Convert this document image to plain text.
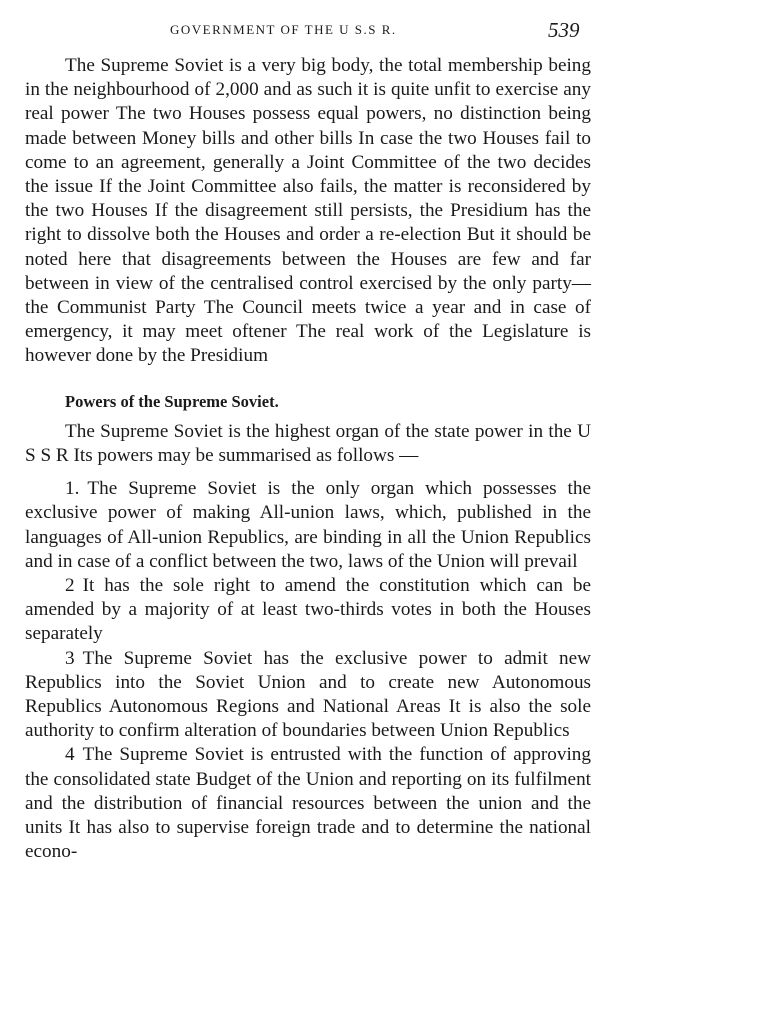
GOVERNMENT OF THE U S.S R.	539

The Supreme Soviet is a very big body, the total membership being in the neighbourhood of 2,000 and as such it is quite unfit to exercise any real power The two Houses possess equal powers, no distinction being made between Money bills and other bills In case the two Houses fail to come to an agreement, generally a Joint Committee of the two decides the issue If the Joint Committee also fails, the matter is reconsidered by the two Houses If the disagreement still persists, the Presidium has the right to dissolve both the Houses and order a re-election But it should be noted here that disagreements between the Houses are few and far between in view of the centralised control exercised by the only party—the Communist Party The Council meets twice a year and in case of emergency, it may meet oftener The real work of the Legislature is however done by the Presidium

Powers of the Supreme Soviet.

The Supreme Soviet is the highest organ of the state power in the U S S R Its powers may be summarised as follows —

1. The Supreme Soviet is the only organ which possesses the exclusive power of making All-union laws, which, published in the languages of All-union Republics, are binding in all the Union Republics and in case of a conflict between the two, laws of the Union will prevail

2 It has the sole right to amend the constitution which can be amended by a majority of at least two-thirds votes in both the Houses separately

3 The Supreme Soviet has the exclusive power to admit new Republics into the Soviet Union and to create new Autonomous Republics Autonomous Regions and National Areas It is also the sole authority to confirm alteration of boundaries between Union Republics

4 The Supreme Soviet is entrusted with the function of approving the consolidated state Budget of the Union and reporting on its fulfilment and the distribution of financial resources between the union and the units It has also to supervise foreign trade and to determine the national econo-
